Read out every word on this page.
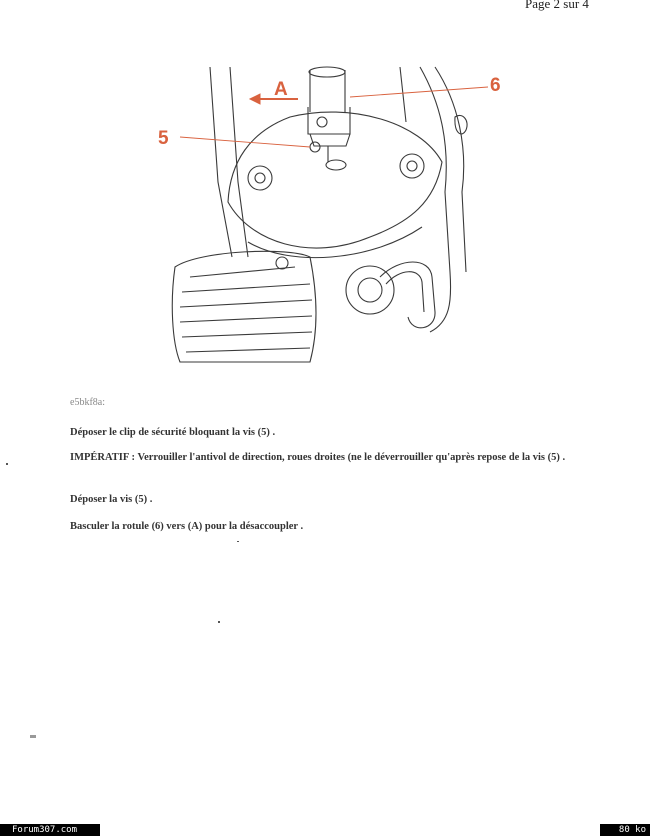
Page 2 sur 4
A	6
5
e5bkf8a:
Déposer le clip de sécurité bloquant la vis (5) .
IMPÉRATIF : Verrouiller l'antivol de direction, roues droites (ne le déverrouiller qu'après repose de la vis (5) .
Déposer la vis (5) .
Basculer la rotule (6) vers (A) pour la désaccoupler .
Forum307.com	80 ko
